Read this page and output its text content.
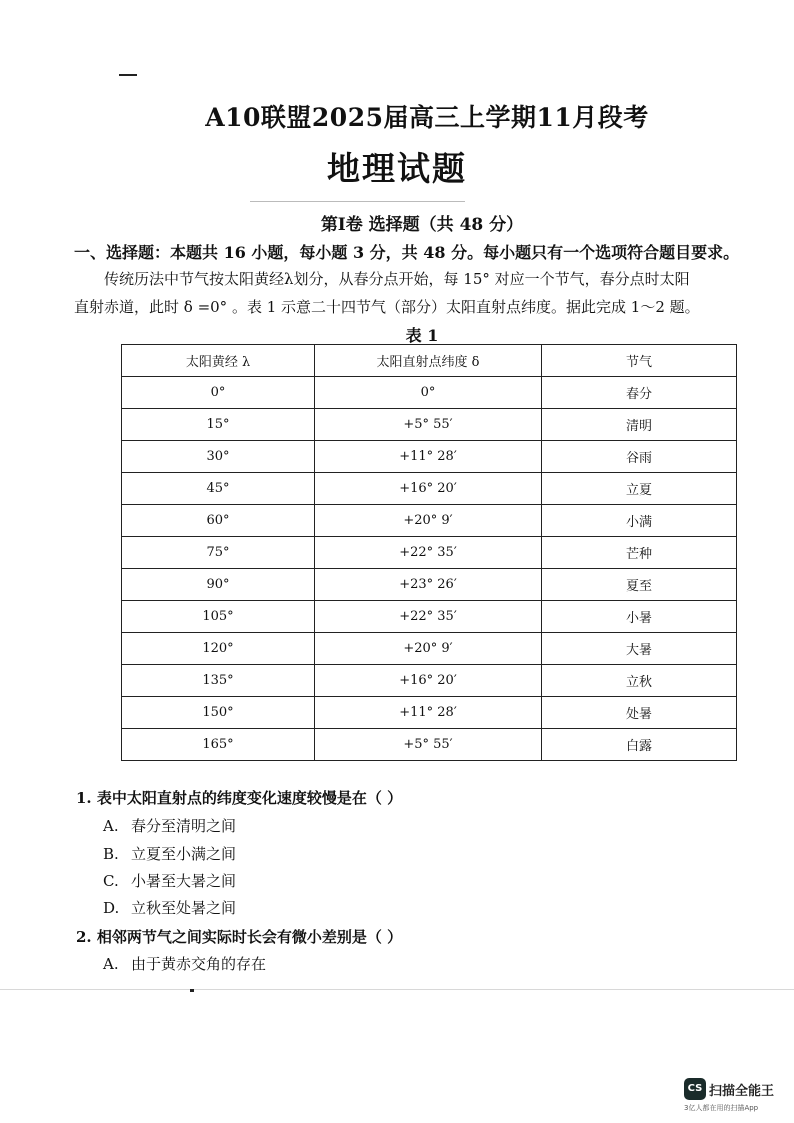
A10联盟2025届高三上学期11月段考
地理试题
第Ⅰ卷 选择题（共 48 分）
一、选择题：本题共 16 小题，每小题 3 分，共 48 分。每小题只有一个选项符合题目要求。
传统历法中节气按太阳黄经λ划分，从春分点开始，每 15° 对应一个节气，春分点时太阳
直射赤道，此时 δ =0° 。表 1 示意二十四节气（部分）太阳直射点纬度。据此完成 1～2 题。
表 1
太阳黄经 λ	太阳直射点纬度 δ	节气
0°	0°	春分
15°	+5° 55′	清明
30°	+11° 28′	谷雨
45°	+16° 20′	立夏
60°	+20° 9′	小满
75°	+22° 35′	芒种
90°	+23° 26′	夏至
105°	+22° 35′	小暑
120°	+20° 9′	大暑
135°	+16° 20′	立秋
150°	+11° 28′	处暑
165°	+5° 55′	白露
1. 表中太阳直射点的纬度变化速度较慢是在（ ）
A. 春分至清明之间
B. 立夏至小满之间
C. 小暑至大暑之间
D. 立秋至处暑之间
2. 相邻两节气之间实际时长会有微小差别是（ ）
A. 由于黄赤交角的存在
CS 扫描全能王
3亿人都在用的扫描App
